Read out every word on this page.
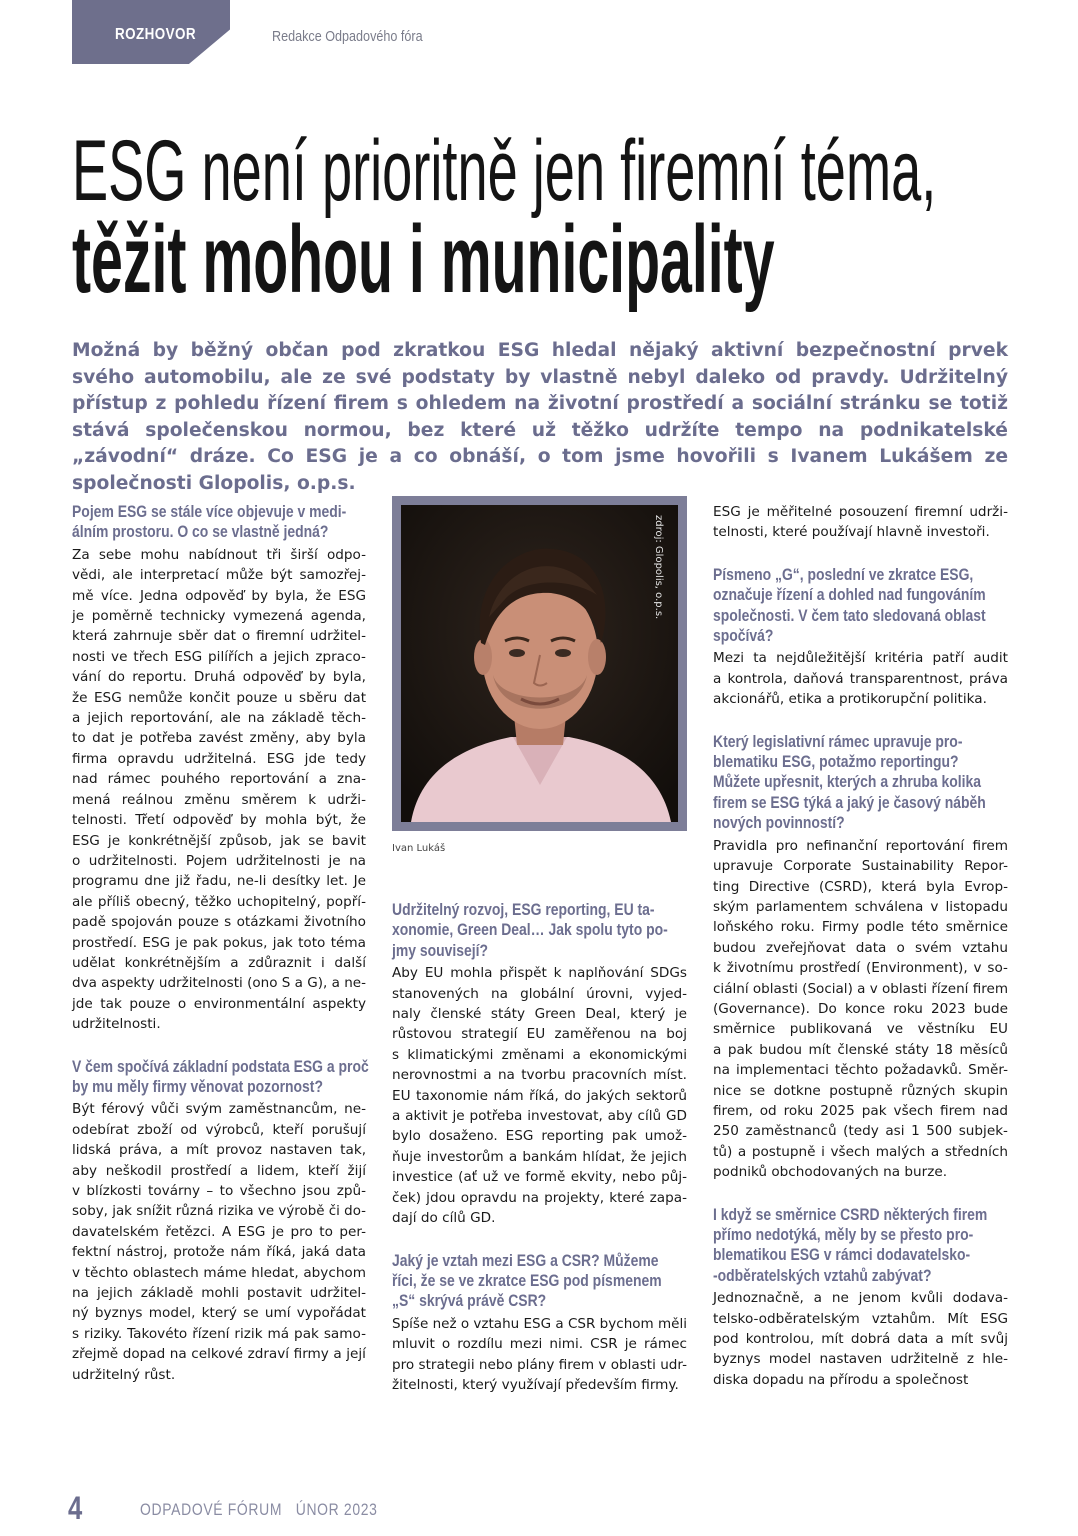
ROZHOVOR	Redakce Odpadového fóra
ESG není prioritně jen firemní téma,
těžit mohou i municipality

Možná by běžný občan pod zkratkou ESG hledal nějaký aktivní bezpečnostní prvek svého automobilu, ale ze své podstaty by vlastně nebyl daleko od pravdy. Udržitelný přístup z pohledu řízení firem s ohledem na životní prostředí a sociální stránku se totiž stává společenskou normou, bez které už těžko udržíte tempo na podnikatelské „závodní“ dráze. Co ESG je a co obnáší, o tom jsme hovořili s Ivanem Lukášem ze společnosti Glopolis, o.p.s.

Pojem ESG se stále více objevuje v medi-
álním prostoru. O co se vlastně jedná?
Za sebe mohu nabídnout tři širší odpo-
vědi, ale interpretací může být samozřej-
mě více. Jedna odpověď by byla, že ESG
je poměrně technicky vymezená agenda,
která zahrnuje sběr dat o firemní udržitel-
nosti ve třech ESG pilířích a jejich zpraco-
vání do reportu. Druhá odpověď by byla,
že ESG nemůže končit pouze u sběru dat
a jejich reportování, ale na základě těch-
to dat je potřeba zavést změny, aby byla
firma opravdu udržitelná. ESG jde tedy
nad rámec pouhého reportování a zna-
mená reálnou změnu směrem k udrži-
telnosti. Třetí odpověď by mohla být, že
ESG je konkrétnější způsob, jak se bavit
o udržitelnosti. Pojem udržitelnosti je na
programu dne již řadu, ne-li desítky let. Je
ale příliš obecný, těžko uchopitelný, popří-
padě spojován pouze s otázkami životního
prostředí. ESG je pak pokus, jak toto téma
udělat konkrétnějším a zdůraznit i další
dva aspekty udržitelnosti (ono S a G), a ne-
jde tak pouze o environmentální aspekty
udržitelnosti.
V čem spočívá základní podstata ESG a proč
by mu měly firmy věnovat pozornost?
Být férový vůči svým zaměstnancům, ne-
odebírat zboží od výrobců, kteří porušují
lidská práva, a mít provoz nastaven tak,
aby neškodil prostředí a lidem, kteří žijí
v blízkosti továrny – to všechno jsou způ-
soby, jak snížit různá rizika ve výrobě či do-
davatelském řetězci. A ESG je pro to per-
fektní nástroj, protože nám říká, jaká data
v těchto oblastech máme hledat, abychom
na jejich základě mohli postavit udržitel-
ný byznys model, který se umí vypořádat
s riziky. Takovéto řízení rizik má pak samo-
zřejmě dopad na celkové zdraví firmy a její
udržitelný růst.
zdroj: Glopolis, o.p.s.
Ivan Lukáš
Udržitelný rozvoj, ESG reporting, EU ta-
xonomie, Green Deal… Jak spolu tyto po-
jmy souvisejí?
Aby EU mohla přispět k naplňování SDGs
stanovených na globální úrovni, vyjed-
naly členské státy Green Deal, který je
růstovou strategií EU zaměřenou na boj
s klimatickými změnami a ekonomickými
nerovnostmi a na tvorbu pracovních míst.
EU taxonomie nám říká, do jakých sektorů
a aktivit je potřeba investovat, aby cílů GD
bylo dosaženo. ESG reporting pak umož-
ňuje investorům a bankám hlídat, že jejich
investice (ať už ve formě ekvity, nebo půj-
ček) jdou opravdu na projekty, které zapa-
dají do cílů GD.
Jaký je vztah mezi ESG a CSR? Můžeme
říci, že se ve zkratce ESG pod písmenem
„S“ skrývá právě CSR?
Spíše než o vztahu ESG a CSR bychom měli
mluvit o rozdílu mezi nimi. CSR je rámec
pro strategii nebo plány firem v oblasti udr-
žitelnosti, který využívají především firmy.
ESG je měřitelné posouzení firemní udrži-
telnosti, které používají hlavně investoři.
Písmeno „G“, poslední ve zkratce ESG,
označuje řízení a dohled nad fungováním
společnosti. V čem tato sledovaná oblast
spočívá?
Mezi ta nejdůležitější kritéria patří audit
a kontrola, daňová transparentnost, práva
akcionářů, etika a protikorupční politika.
Který legislativní rámec upravuje pro-
blematiku ESG, potažmo reportingu?
Můžete upřesnit, kterých a zhruba kolika
firem se ESG týká a jaký je časový náběh
nových povinností?
Pravidla pro nefinanční reportování firem
upravuje Corporate Sustainability Repor-
ting Directive (CSRD), která byla Evrop-
ským parlamentem schválena v listopadu
loňského roku. Firmy podle této směrnice
budou zveřejňovat data o svém vztahu
k životnímu prostředí (Environment), v so-
ciální oblasti (Social) a v oblasti řízení firem
(Governance). Do konce roku 2023 bude
směrnice publikovaná ve věstníku EU
a pak budou mít členské státy 18 měsíců
na implementaci těchto požadavků. Směr-
nice se dotkne postupně různých skupin
firem, od roku 2025 pak všech firem nad
250 zaměstnanců (tedy asi 1 500 subjek-
tů) a postupně i všech malých a středních
podniků obchodovaných na burze.
I když se směrnice CSRD některých firem
přímo nedotýká, měly by se přesto pro-
blematikou ESG v rámci dodavatelsko-
-odběratelských vztahů zabývat?
Jednoznačně, a ne jenom kvůli dodava-
telsko-odběratelským vztahům. Mít ESG
pod kontrolou, mít dobrá data a mít svůj
byznys model nastaven udržitelně z hle-
diska dopadu na přírodu a společnost
4	ODPADOVÉ FÓRUM ÚNOR 2023
